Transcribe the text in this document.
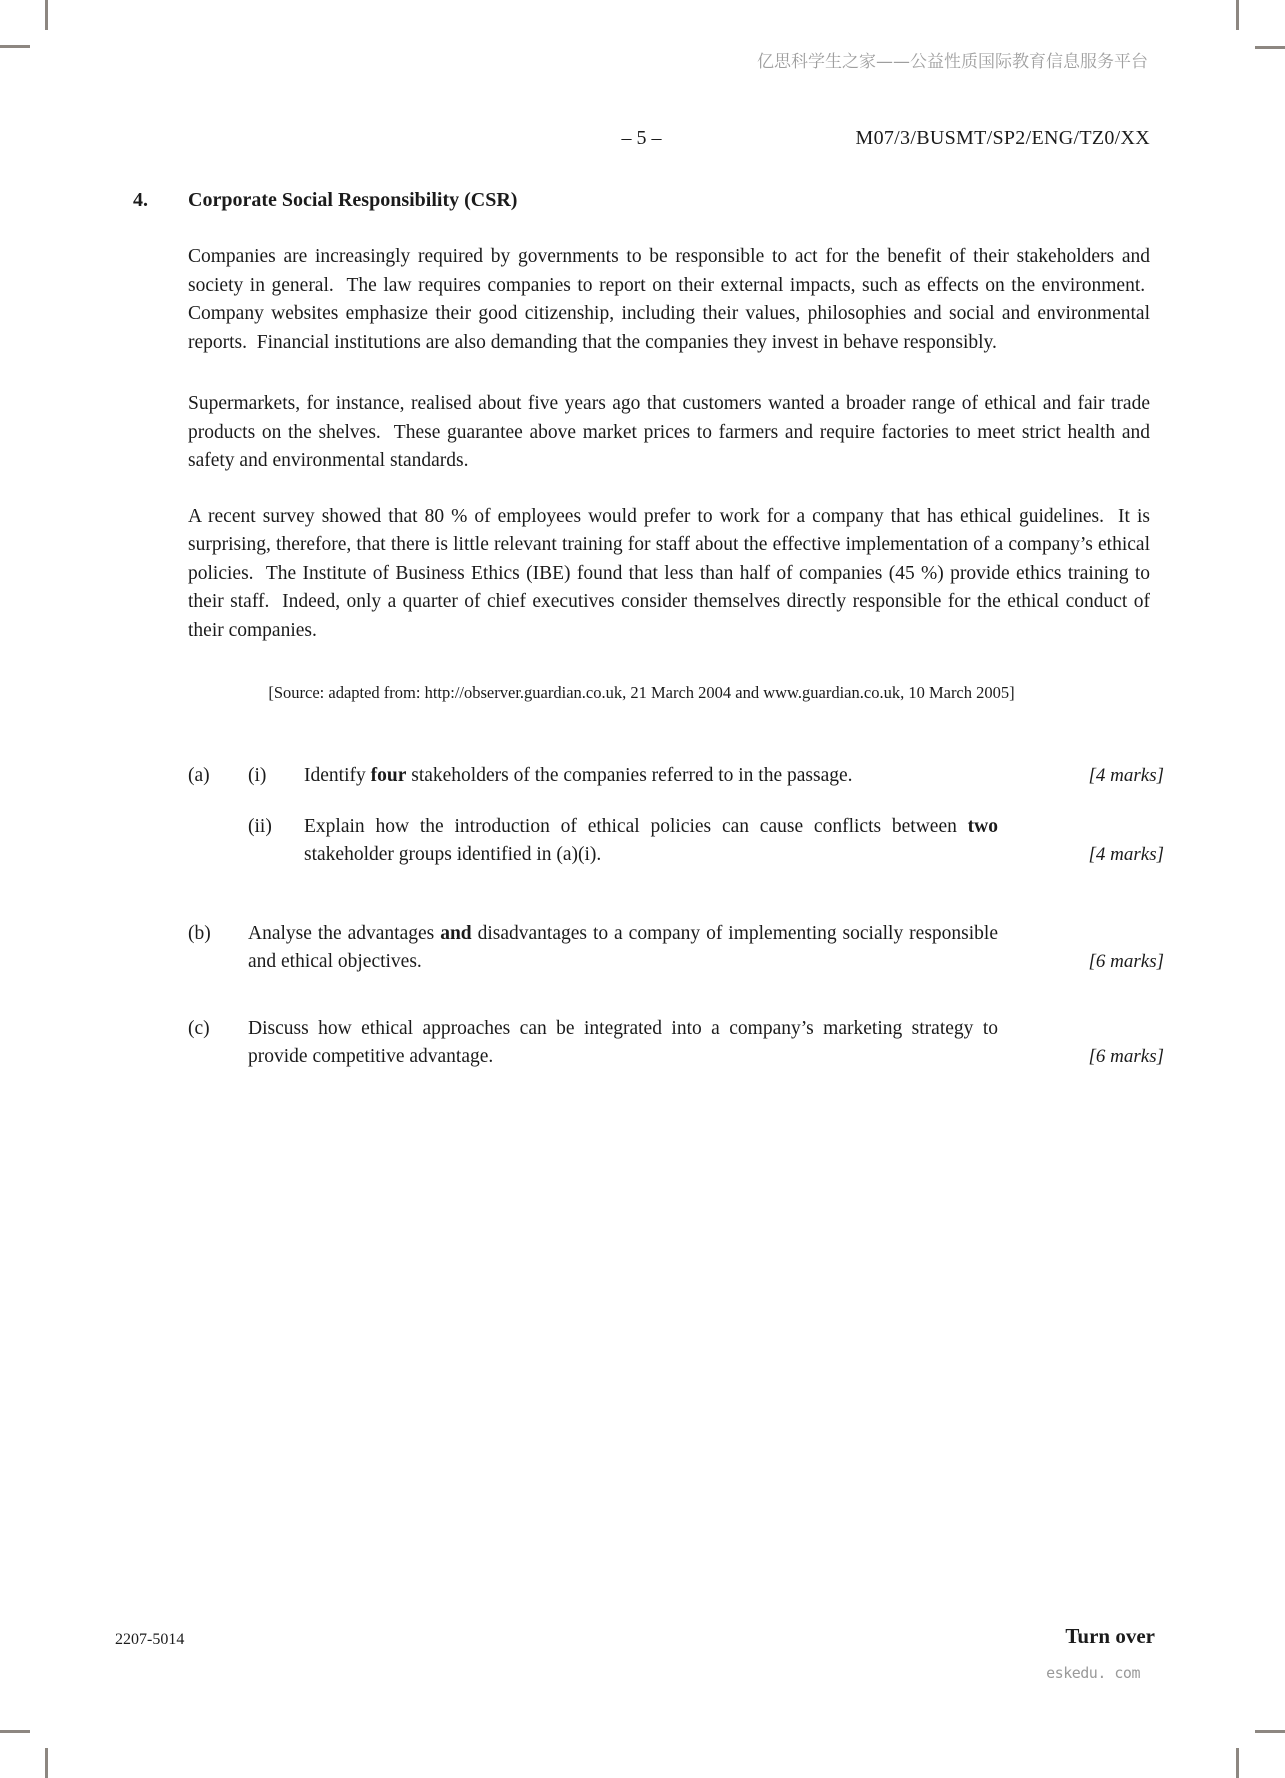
亿思科学生之家——公益性质国际教育信息服务平台
– 5 –	M07/3/BUSMT/SP2/ENG/TZ0/XX
4. Corporate Social Responsibility (CSR)

Companies are increasingly required by governments to be responsible to act for the benefit of their stakeholders and society in general.  The law requires companies to report on their external impacts, such as effects on the environment.  Company websites emphasize their good citizenship, including their values, philosophies and social and environmental reports.  Financial institutions are also demanding that the companies they invest in behave responsibly.

Supermarkets, for instance, realised about five years ago that customers wanted a broader range of ethical and fair trade products on the shelves.  These guarantee above market prices to farmers and require factories to meet strict health and safety and environmental standards.

A recent survey showed that 80 % of employees would prefer to work for a company that has ethical guidelines.  It is surprising, therefore, that there is little relevant training for staff about the effective implementation of a company’s ethical policies.  The Institute of Business Ethics (IBE) found that less than half of companies (45 %) provide ethics training to their staff.  Indeed, only a quarter of chief executives consider themselves directly responsible for the ethical conduct of their companies.

[Source: adapted from: http://observer.guardian.co.uk, 21 March 2004 and www.guardian.co.uk, 10 March 2005]
(a)	(i)	Identify four stakeholders of the companies referred to in the passage.	[4 marks]
(ii)	Explain how the introduction of ethical policies can cause conflicts between two stakeholder groups identified in (a)(i).	[4 marks]
(b)	Analyse the advantages and disadvantages to a company of implementing socially responsible and ethical objectives.	[6 marks]
(c)	Discuss how ethical approaches can be integrated into a company’s marketing strategy to provide competitive advantage.	[6 marks]
2207-5014	Turn over
eskedu. com
